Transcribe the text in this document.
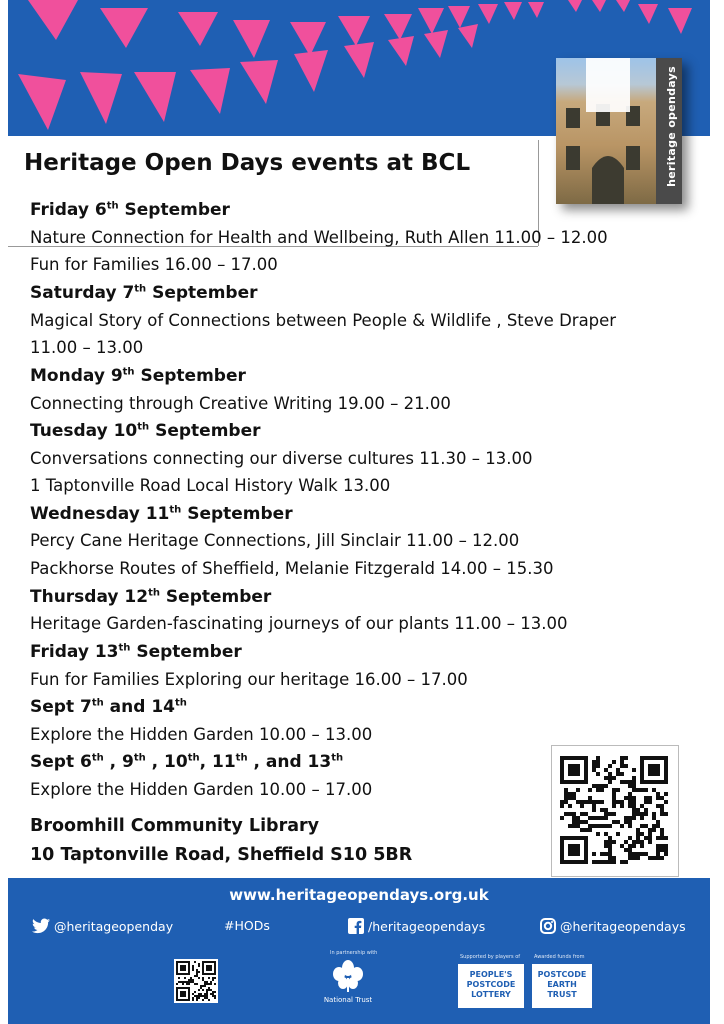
heritage opendays
Heritage Open Days events at BCL
Friday 6th September
Nature Connection for Health and Wellbeing, Ruth Allen 11.00 – 12.00
Fun for Families 16.00 – 17.00
Saturday 7th September
Magical Story of Connections between People & Wildlife , Steve Draper
11.00 – 13.00
Monday 9th September
Connecting through Creative Writing 19.00 – 21.00
Tuesday 10th September
Conversations connecting our diverse cultures 11.30 – 13.00
1 Taptonville Road Local History Walk 13.00
Wednesday 11th September
Percy Cane Heritage Connections, Jill Sinclair 11.00 – 12.00
Packhorse Routes of Sheffield, Melanie Fitzgerald 14.00 – 15.30
Thursday 12th September
Heritage Garden-fascinating journeys of our plants 11.00 – 13.00
Friday 13th September
Fun for Families Exploring our heritage 16.00 – 17.00
Sept 7th and 14th
Explore the Hidden Garden 10.00 – 13.00
Sept 6th , 9th , 10th, 11th , and 13th
Explore the Hidden Garden 10.00 – 17.00
Broomhill Community Library
10 Taptonville Road, Sheffield S10 5BR
www.heritageopendays.org.uk
@heritageopenday	#HODs	/heritageopendays	@heritageopendays
In partnership with
National Trust
Supported by players of
PEOPLE'S POSTCODE LOTTERY
Awarded funds from
POSTCODE EARTH TRUST
